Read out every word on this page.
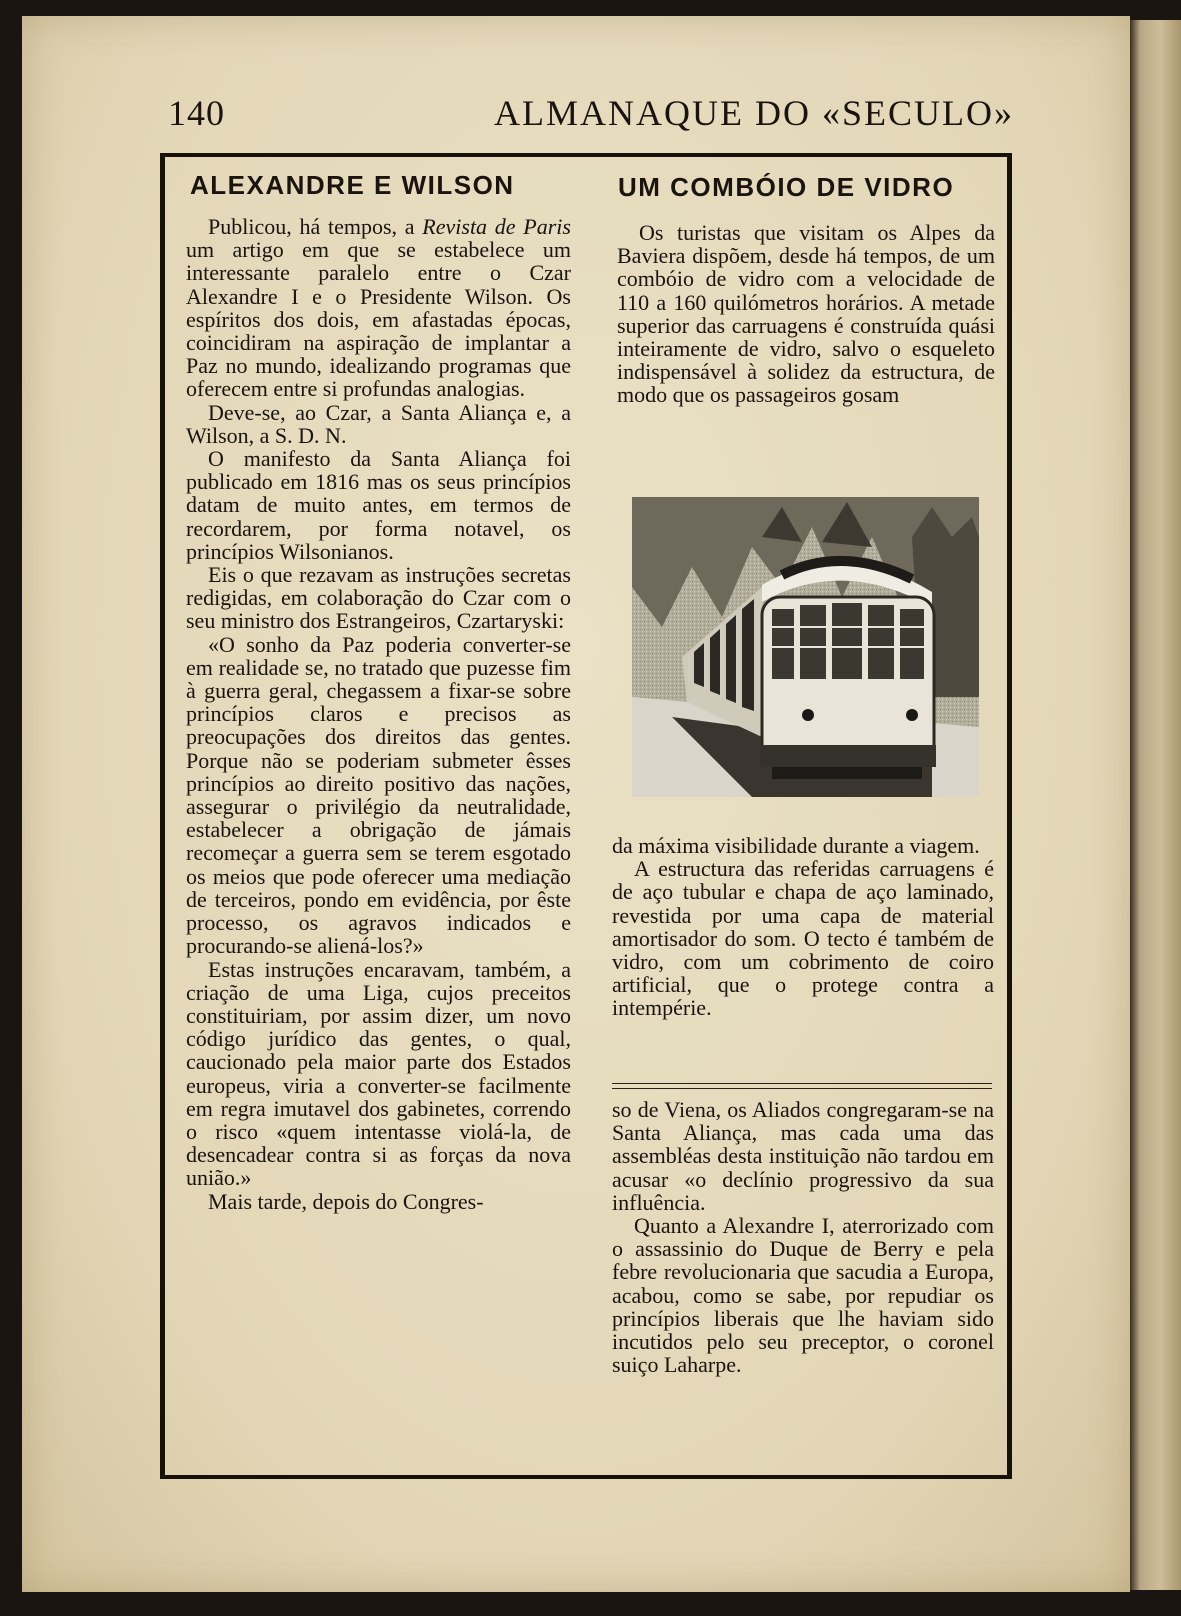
140	ALMANAQUE DO «SECULO»
ALEXANDRE E WILSON

Publicou, há tempos, a Revista de Paris um artigo em que se estabelece um interessante paralelo entre o Czar Alexandre I e o Presidente Wilson. Os espíritos dos dois, em afastadas épocas, coincidiram na aspiração de implantar a Paz no mundo, idealizando programas que oferecem entre si profundas analogias.

Deve-se, ao Czar, a Santa Aliança e, a Wilson, a S. D. N.

O manifesto da Santa Aliança foi publicado em 1816 mas os seus princípios datam de muito antes, em termos de recordarem, por forma notavel, os princípios Wilsonianos.

Eis o que rezavam as instruções secretas redigidas, em colaboração do Czar com o seu ministro dos Estrangeiros, Czartaryski:

«O sonho da Paz poderia converter-se em realidade se, no tratado que puzesse fim à guerra geral, chegassem a fixar-se sobre princípios claros e precisos as preocupações dos direitos das gentes. Porque não se poderiam submeter êsses princípios ao direito positivo das nações, assegurar o privilégio da neutralidade, estabelecer a obrigação de jámais recomeçar a guerra sem se terem esgotado os meios que pode oferecer uma mediação de terceiros, pondo em evidência, por êste processo, os agravos indicados e procurando-se aliená-los?»

Estas instruções encaravam, também, a criação de uma Liga, cujos preceitos constituiriam, por assim dizer, um novo código jurídico das gentes, o qual, caucionado pela maior parte dos Estados europeus, viria a converter-se facilmente em regra imutavel dos gabinetes, correndo o risco «quem intentasse violá-la, de desencadear contra si as forças da nova união.»

Mais tarde, depois do Congres-

UM COMBÓIO DE VIDRO

Os turistas que visitam os Alpes da Baviera dispõem, desde há tempos, de um combóio de vidro com a velocidade de 110 a 160 quilómetros horários. A metade superior das carruagens é construída quási inteiramente de vidro, salvo o esqueleto indispensável à solidez da estructura, de modo que os passageiros gosam

da máxima visibilidade durante a viagem.

A estructura das referidas carruagens é de aço tubular e chapa de aço laminado, revestida por uma capa de material amortisador do som. O tecto é também de vidro, com um cobrimento de coiro artificial, que o protege contra a intempérie.

so de Viena, os Aliados congregaram-se na Santa Aliança, mas cada uma das assembléas desta instituição não tardou em acusar «o declínio progressivo da sua influência.

Quanto a Alexandre I, aterrorizado com o assassinio do Duque de Berry e pela febre revolucionaria que sacudia a Europa, acabou, como se sabe, por repudiar os princípios liberais que lhe haviam sido incutidos pelo seu preceptor, o coronel suiço Laharpe.
